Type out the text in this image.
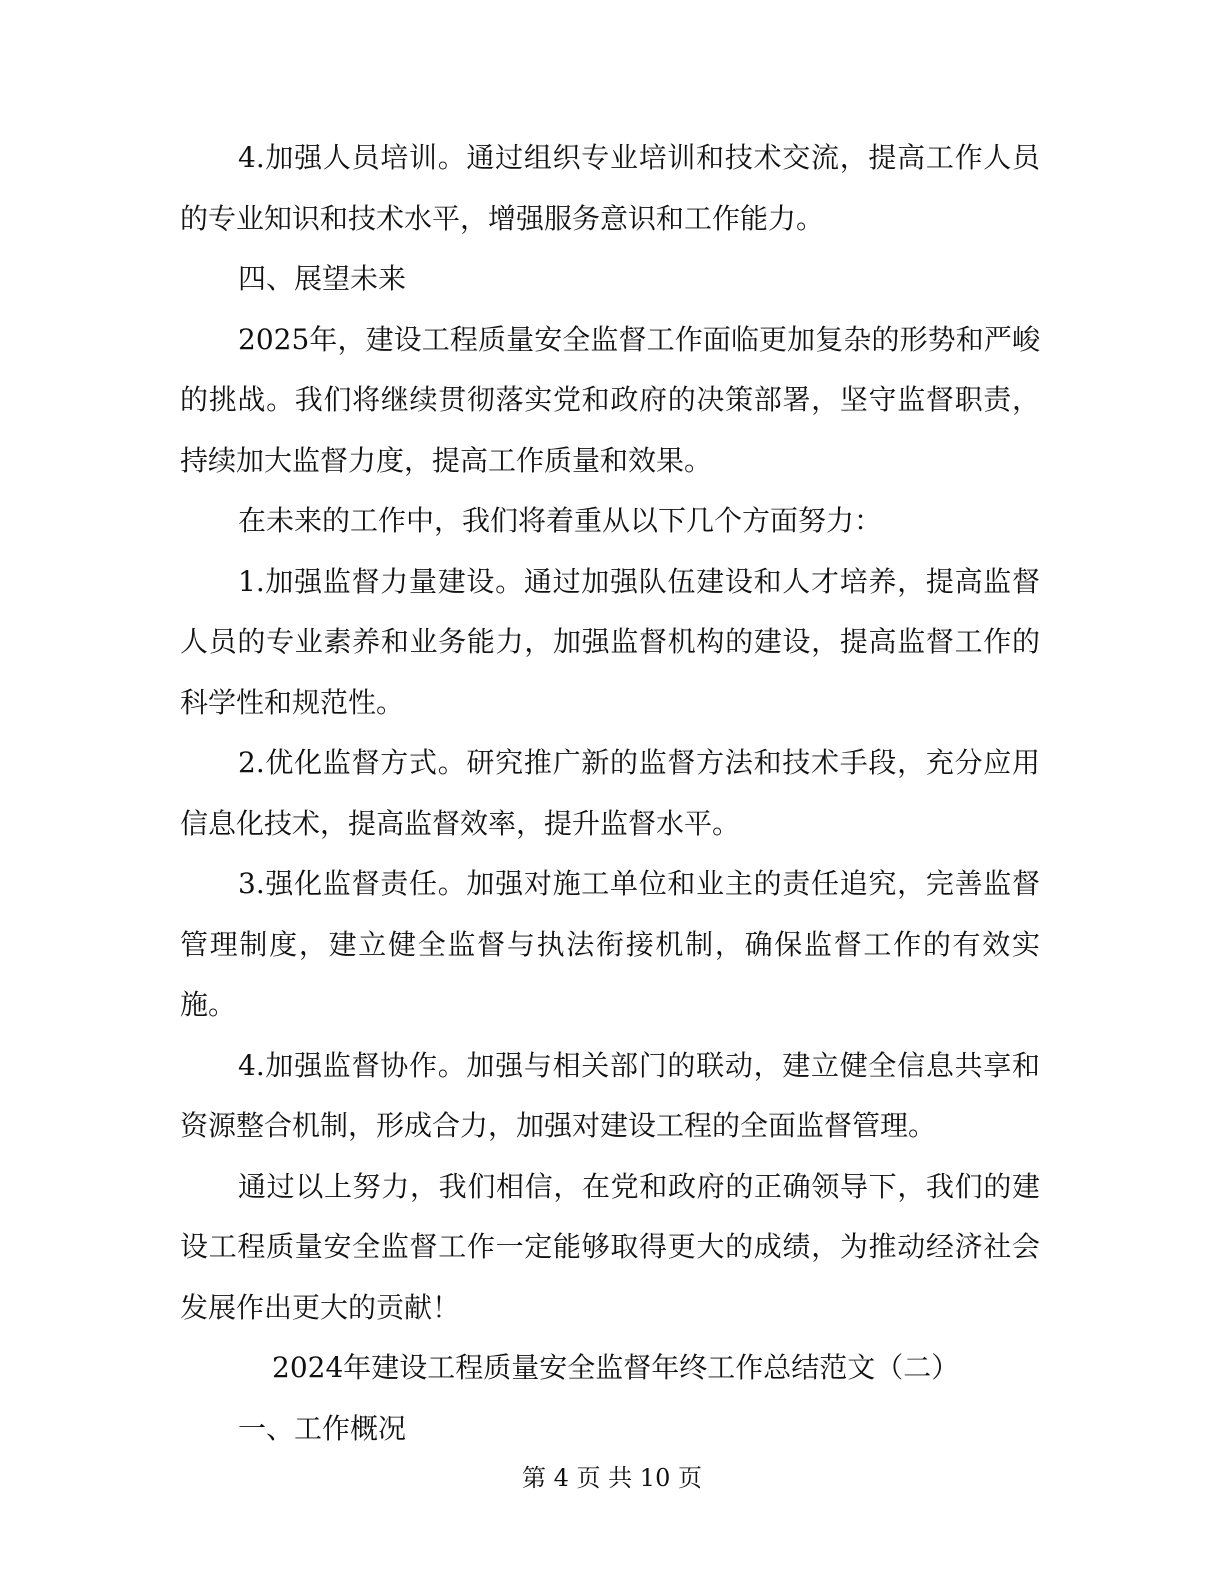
4.加强人员培训。通过组织专业培训和技术交流，提高工作人员的专业知识和技术水平，增强服务意识和工作能力。

四、展望未来

2025年，建设工程质量安全监督工作面临更加复杂的形势和严峻的挑战。我们将继续贯彻落实党和政府的决策部署，坚守监督职责，持续加大监督力度，提高工作质量和效果。

在未来的工作中，我们将着重从以下几个方面努力：

1.加强监督力量建设。通过加强队伍建设和人才培养，提高监督人员的专业素养和业务能力，加强监督机构的建设，提高监督工作的科学性和规范性。

2.优化监督方式。研究推广新的监督方法和技术手段，充分应用信息化技术，提高监督效率，提升监督水平。

3.强化监督责任。加强对施工单位和业主的责任追究，完善监督管理制度，建立健全监督与执法衔接机制，确保监督工作的有效实施。

4.加强监督协作。加强与相关部门的联动，建立健全信息共享和资源整合机制，形成合力，加强对建设工程的全面监督管理。

通过以上努力，我们相信，在党和政府的正确领导下，我们的建设工程质量安全监督工作一定能够取得更大的成绩，为推动经济社会发展作出更大的贡献！

2024年建设工程质量安全监督年终工作总结范文（二）

一、工作概况

第 4 页 共 10 页
